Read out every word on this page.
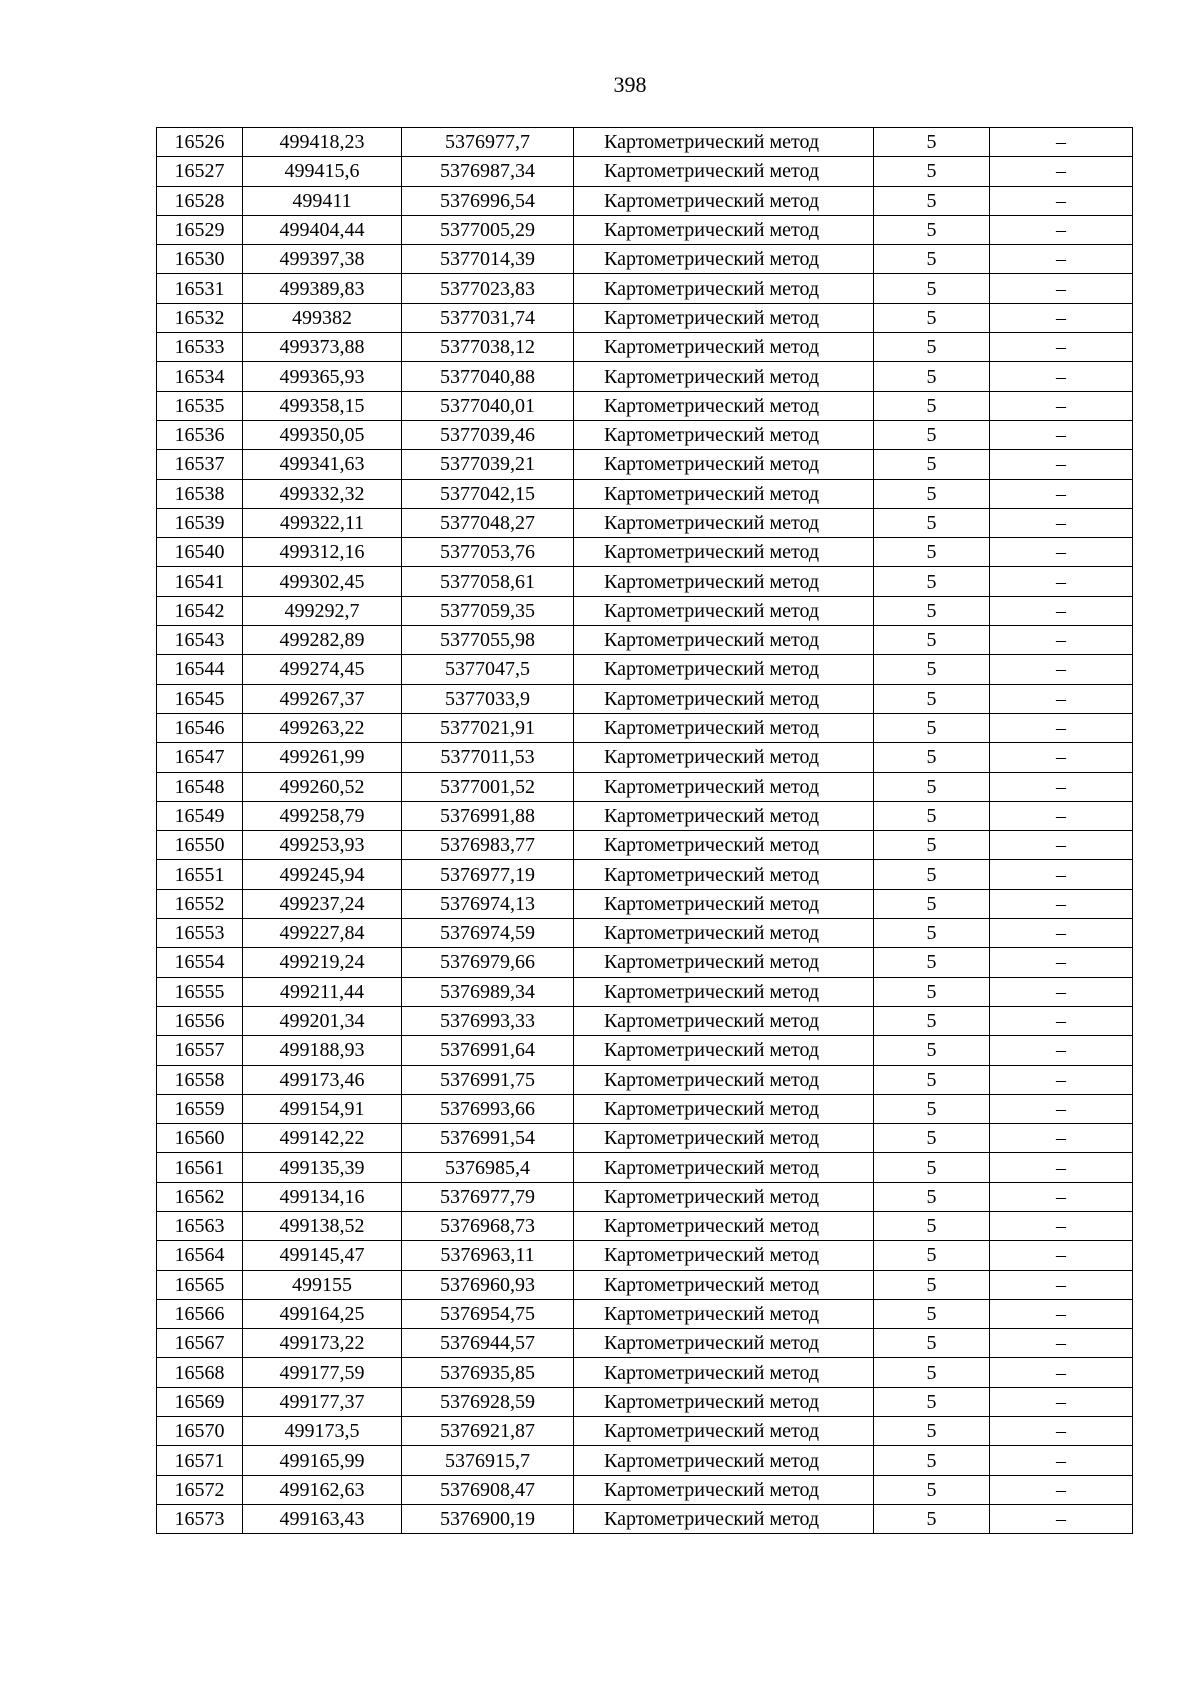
398
16526	499418,23	5376977,7	Картометрический метод	5	–
16527	499415,6	5376987,34	Картометрический метод	5	–
16528	499411	5376996,54	Картометрический метод	5	–
16529	499404,44	5377005,29	Картометрический метод	5	–
16530	499397,38	5377014,39	Картометрический метод	5	–
16531	499389,83	5377023,83	Картометрический метод	5	–
16532	499382	5377031,74	Картометрический метод	5	–
16533	499373,88	5377038,12	Картометрический метод	5	–
16534	499365,93	5377040,88	Картометрический метод	5	–
16535	499358,15	5377040,01	Картометрический метод	5	–
16536	499350,05	5377039,46	Картометрический метод	5	–
16537	499341,63	5377039,21	Картометрический метод	5	–
16538	499332,32	5377042,15	Картометрический метод	5	–
16539	499322,11	5377048,27	Картометрический метод	5	–
16540	499312,16	5377053,76	Картометрический метод	5	–
16541	499302,45	5377058,61	Картометрический метод	5	–
16542	499292,7	5377059,35	Картометрический метод	5	–
16543	499282,89	5377055,98	Картометрический метод	5	–
16544	499274,45	5377047,5	Картометрический метод	5	–
16545	499267,37	5377033,9	Картометрический метод	5	–
16546	499263,22	5377021,91	Картометрический метод	5	–
16547	499261,99	5377011,53	Картометрический метод	5	–
16548	499260,52	5377001,52	Картометрический метод	5	–
16549	499258,79	5376991,88	Картометрический метод	5	–
16550	499253,93	5376983,77	Картометрический метод	5	–
16551	499245,94	5376977,19	Картометрический метод	5	–
16552	499237,24	5376974,13	Картометрический метод	5	–
16553	499227,84	5376974,59	Картометрический метод	5	–
16554	499219,24	5376979,66	Картометрический метод	5	–
16555	499211,44	5376989,34	Картометрический метод	5	–
16556	499201,34	5376993,33	Картометрический метод	5	–
16557	499188,93	5376991,64	Картометрический метод	5	–
16558	499173,46	5376991,75	Картометрический метод	5	–
16559	499154,91	5376993,66	Картометрический метод	5	–
16560	499142,22	5376991,54	Картометрический метод	5	–
16561	499135,39	5376985,4	Картометрический метод	5	–
16562	499134,16	5376977,79	Картометрический метод	5	–
16563	499138,52	5376968,73	Картометрический метод	5	–
16564	499145,47	5376963,11	Картометрический метод	5	–
16565	499155	5376960,93	Картометрический метод	5	–
16566	499164,25	5376954,75	Картометрический метод	5	–
16567	499173,22	5376944,57	Картометрический метод	5	–
16568	499177,59	5376935,85	Картометрический метод	5	–
16569	499177,37	5376928,59	Картометрический метод	5	–
16570	499173,5	5376921,87	Картометрический метод	5	–
16571	499165,99	5376915,7	Картометрический метод	5	–
16572	499162,63	5376908,47	Картометрический метод	5	–
16573	499163,43	5376900,19	Картометрический метод	5	–
